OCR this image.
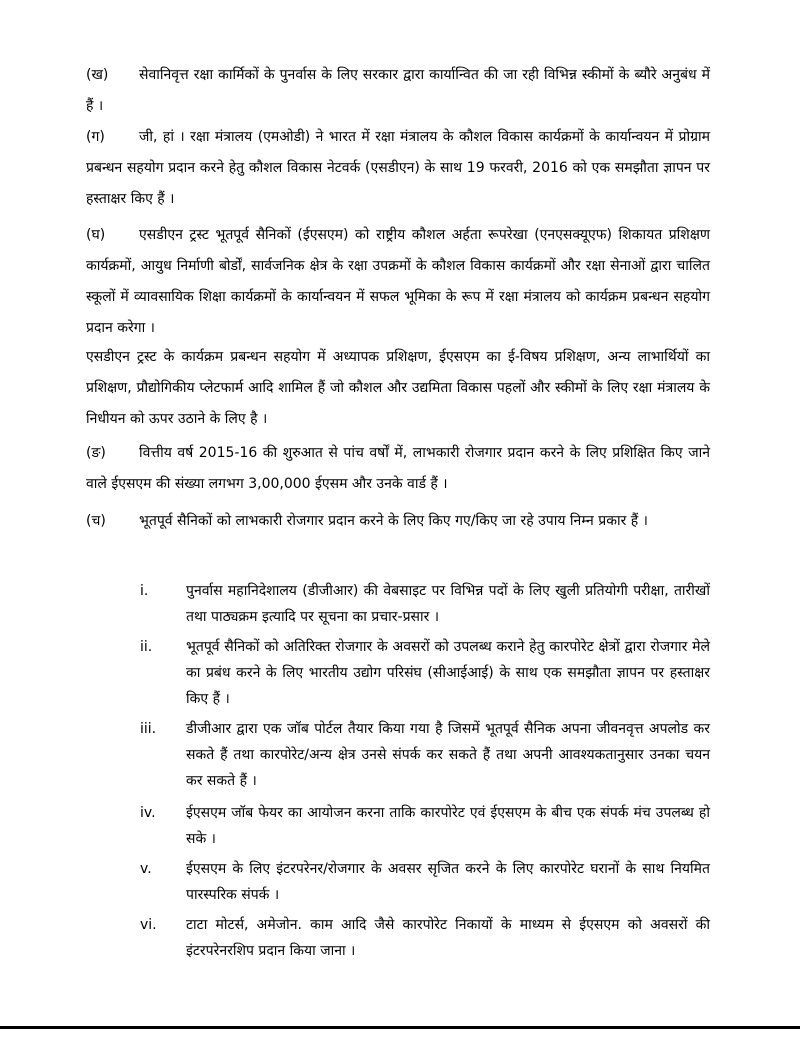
(ख) सेवानिवृत्त रक्षा कार्मिकों के पुनर्वास के लिए सरकार द्वारा कार्यान्वित की जा रही विभिन्न स्कीमों के ब्यौरे अनुबंध में हैं ।

(ग) जी, हां । रक्षा मंत्रालय (एमओडी) ने भारत में रक्षा मंत्रालय के कौशल विकास कार्यक्रमों के कार्यान्वयन में प्रोग्राम प्रबन्धन सहयोग प्रदान करने हेतु कौशल विकास नेटवर्क (एसडीएन) के साथ 19 फरवरी, 2016 को एक समझौता ज्ञापन पर हस्ताक्षर किए हैं ।

(घ) एसडीएन ट्रस्ट भूतपूर्व सैनिकों (ईएसएम) को राष्ट्रीय कौशल अर्हता रूपरेखा (एनएसक्यूएफ) शिकायत प्रशिक्षण कार्यक्रमों, आयुध निर्माणी बोर्डों, सार्वजनिक क्षेत्र के रक्षा उपक्रमों के कौशल विकास कार्यक्रमों और रक्षा सेनाओं द्वारा चालित स्कूलों में व्यावसायिक शिक्षा कार्यक्रमों के कार्यान्वयन में सफल भूमिका के रूप में रक्षा मंत्रालय को कार्यक्रम प्रबन्धन सहयोग प्रदान करेगा ।

एसडीएन ट्रस्ट के कार्यक्रम प्रबन्धन सहयोग में अध्यापक प्रशिक्षण, ईएसएम का ई-विषय प्रशिक्षण, अन्य लाभार्थियों का प्रशिक्षण, प्रौद्योगिकीय प्लेटफार्म आदि शामिल हैं जो कौशल और उद्यमिता विकास पहलों और स्कीमों के लिए रक्षा मंत्रालय के निधीयन को ऊपर उठाने के लिए है ।

(ङ) वित्तीय वर्ष 2015-16 की शुरुआत से पांच वर्षों में, लाभकारी रोजगार प्रदान करने के लिए प्रशिक्षित किए जाने वाले ईएसएम की संख्या लगभग 3,00,000 ईएसम और उनके वार्ड हैं ।

(च) भूतपूर्व सैनिकों को लाभकारी रोजगार प्रदान करने के लिए किए गए/किए जा रहे उपाय निम्न प्रकार हैं ।

i.	पुनर्वास महानिदेशालय (डीजीआर) की वेबसाइट पर विभिन्न पदों के लिए खुली प्रतियोगी परीक्षा, तारीखों तथा पाठ्यक्रम इत्यादि पर सूचना का प्रचार-प्रसार ।
ii.	भूतपूर्व सैनिकों को अतिरिक्त रोजगार के अवसरों को उपलब्ध कराने हेतु कारपोरेट क्षेत्रों द्वारा रोजगार मेले का प्रबंध करने के लिए भारतीय उद्योग परिसंघ (सीआईआई) के साथ एक समझौता ज्ञापन पर हस्ताक्षर किए हैं ।
iii.	डीजीआर द्वारा एक जॉब पोर्टल तैयार किया गया है जिसमें भूतपूर्व सैनिक अपना जीवनवृत्त अपलोड कर सकते हैं तथा कारपोरेट/अन्य क्षेत्र उनसे संपर्क कर सकते हैं तथा अपनी आवश्यकतानुसार उनका चयन कर सकते हैं ।
iv.	ईएसएम जॉब फेयर का आयोजन करना ताकि कारपोरेट एवं ईएसएम के बीच एक संपर्क मंच उपलब्ध हो सके ।
v.	ईएसएम के लिए इंटरपरेनर/रोजगार के अवसर सृजित करने के लिए कारपोरेट घरानों के साथ नियमित पारस्परिक संपर्क ।
vi.	टाटा मोटर्स, अमेजोन. काम आदि जैसे कारपोरेट निकायों के माध्यम से ईएसएम को अवसरों की इंटरपरेनरशिप प्रदान किया जाना ।
